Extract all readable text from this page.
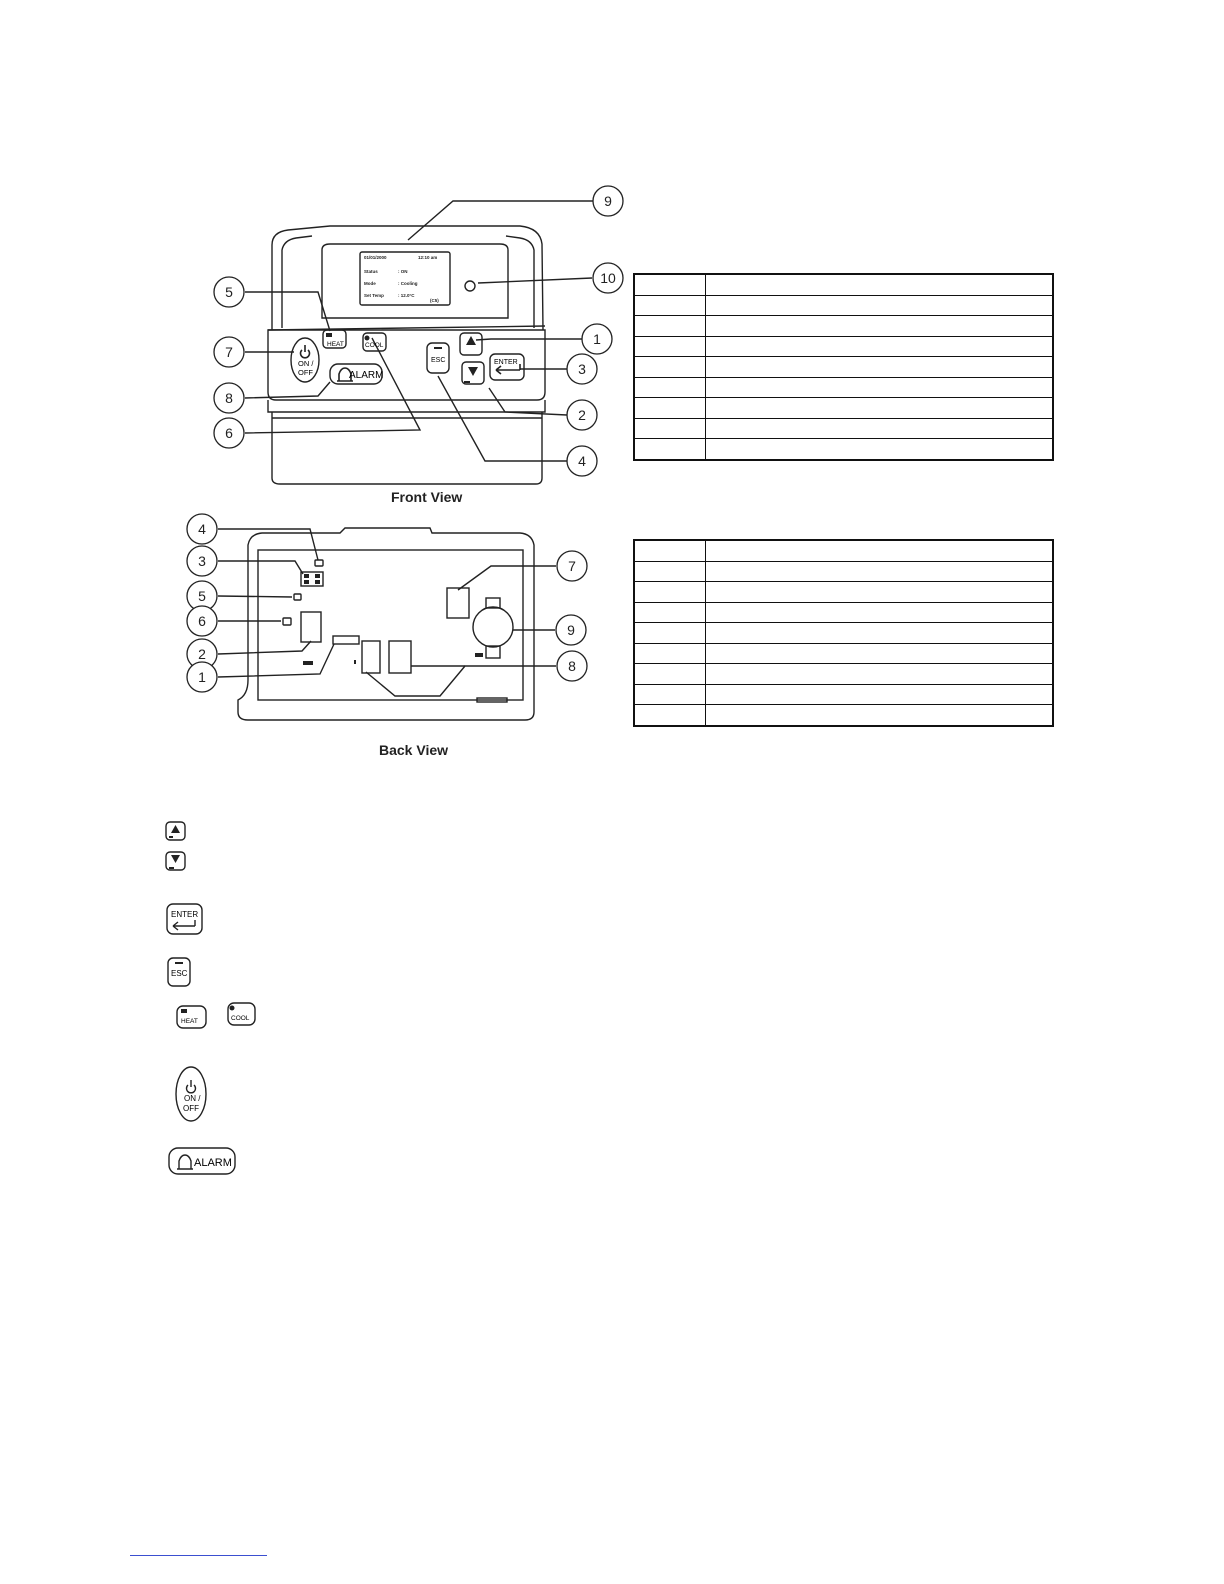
HEAT	COOL
ON /
OFF	ALARM
ESC	ENTER
01/01/2000	12:10 am
Status	: ON
Mode	: Cooling
Set Temp	: 12.0°C
(C5)
9
10
5
7
8
6
1
3
2
4
Front View
4
3
5
6
2
1
7
9
8
Back View

ENTER
ESC
HEAT	COOL
ON /
OFF
ALARM
